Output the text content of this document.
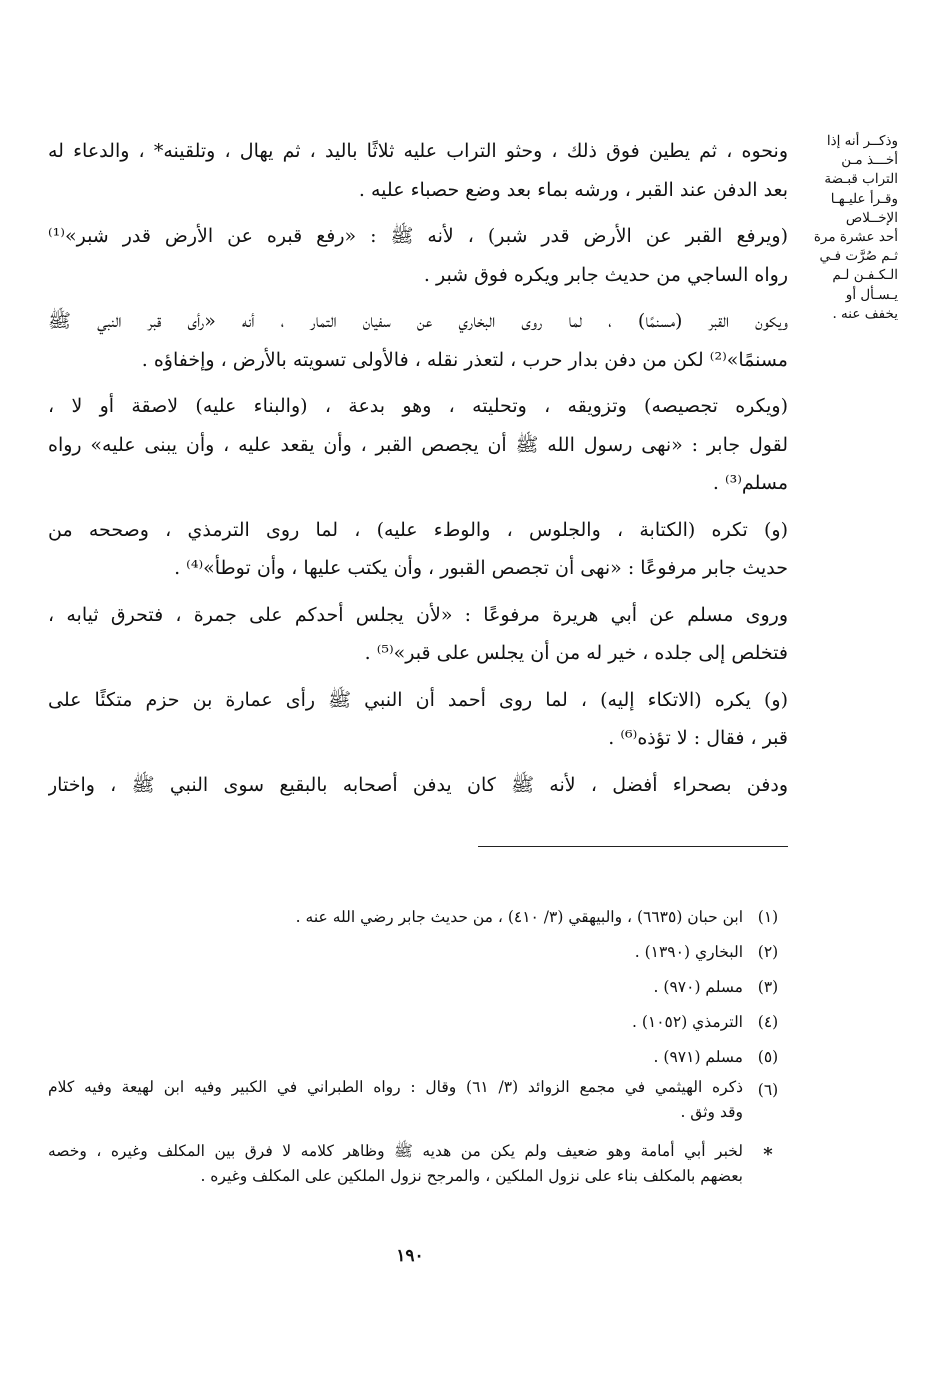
وذكــر أنه إذا
أخـــذ مـن
التراب قبـضة
وقـرأ عليـهـا
الإخــلاص
أحد عشرة مرة
ثـم صُرَّت فـي
الـكـفـن لـم
يـسـأل أو
يخفف عنه .
ونحوه ، ثم يطين فوق ذلك ، وحثو التراب عليه ثلاثًا باليد ، ثم يهال ، وتلقينه* ، والدعاء له
بعد الدفن عند القبر ، ورشه بماء بعد وضع حصباء عليه .
(ويرفع القبر عن الأرض قدر شبر) ، لأنه ﷺ : «رفع قبره عن الأرض قدر شبر»⁽¹⁾
رواه الساجي من حديث جابر ويكره فوق شبر .
ويكون القبر (مسنمًا) ، لما روى البخاري عن سفيان التمار ، أنه «رأى قبر النبي ﷺ
مسنمًا»⁽²⁾ لكن من دفن بدار حرب ، لتعذر نقله ، فالأولى تسويته بالأرض ، وإخفاؤه .
(ويكره تجصيصه) وتزويقه ، وتحليته ، وهو بدعة ، (والبناء عليه) لاصقة أو لا ،
لقول جابر : «نهى رسول الله ﷺ أن يجصص القبر ، وأن يقعد عليه ، وأن يبنى عليه» رواه
مسلم⁽³⁾ .
(و) تكره (الكتابة ، والجلوس ، والوطء عليه) ، لما روى الترمذي ، وصححه من
حديث جابر مرفوعًا : «نهى أن تجصص القبور ، وأن يكتب عليها ، وأن توطأ»⁽⁴⁾ .
وروى مسلم عن أبي هريرة مرفوعًا : «لأن يجلس أحدكم على جمرة ، فتحرق ثيابه ،
فتخلص إلى جلده ، خير له من أن يجلس على قبر»⁽⁵⁾ .
(و) يكره (الاتكاء إليه) ، لما روى أحمد أن النبي ﷺ رأى عمارة بن حزم متكئًا على
قبر ، فقال : لا تؤذه⁽⁶⁾ .
ودفن بصحراء أفضل ، لأنه ﷺ كان يدفن أصحابه بالبقيع سوى النبي ﷺ ، واختار
(١)
ابن حبان (٦٦٣٥) ، والبيهقي (٣/ ٤١٠) ، من حديث جابر رضي الله عنه .
(٢)
البخاري (١٣٩٠) .
(٣)
مسلم (٩٧٠) .
(٤)
الترمذي (١٠٥٢) .
(٥)
مسلم (٩٧١) .
(٦)
ذكره الهيثمي في مجمع الزوائد (٣/ ٦١) وقال : رواه الطبراني في الكبير وفيه ابن لهيعة وفيه كلام
وقد وثق .
*
لخبر أبي أمامة وهو ضعيف ولم يكن من هديه ﷺ وظاهر كلامه لا فرق بين المكلف وغيره ، وخصه
بعضهم بالمكلف بناء على نزول الملكين ، والمرجح نزول الملكين على المكلف وغيره .
١٩٠
